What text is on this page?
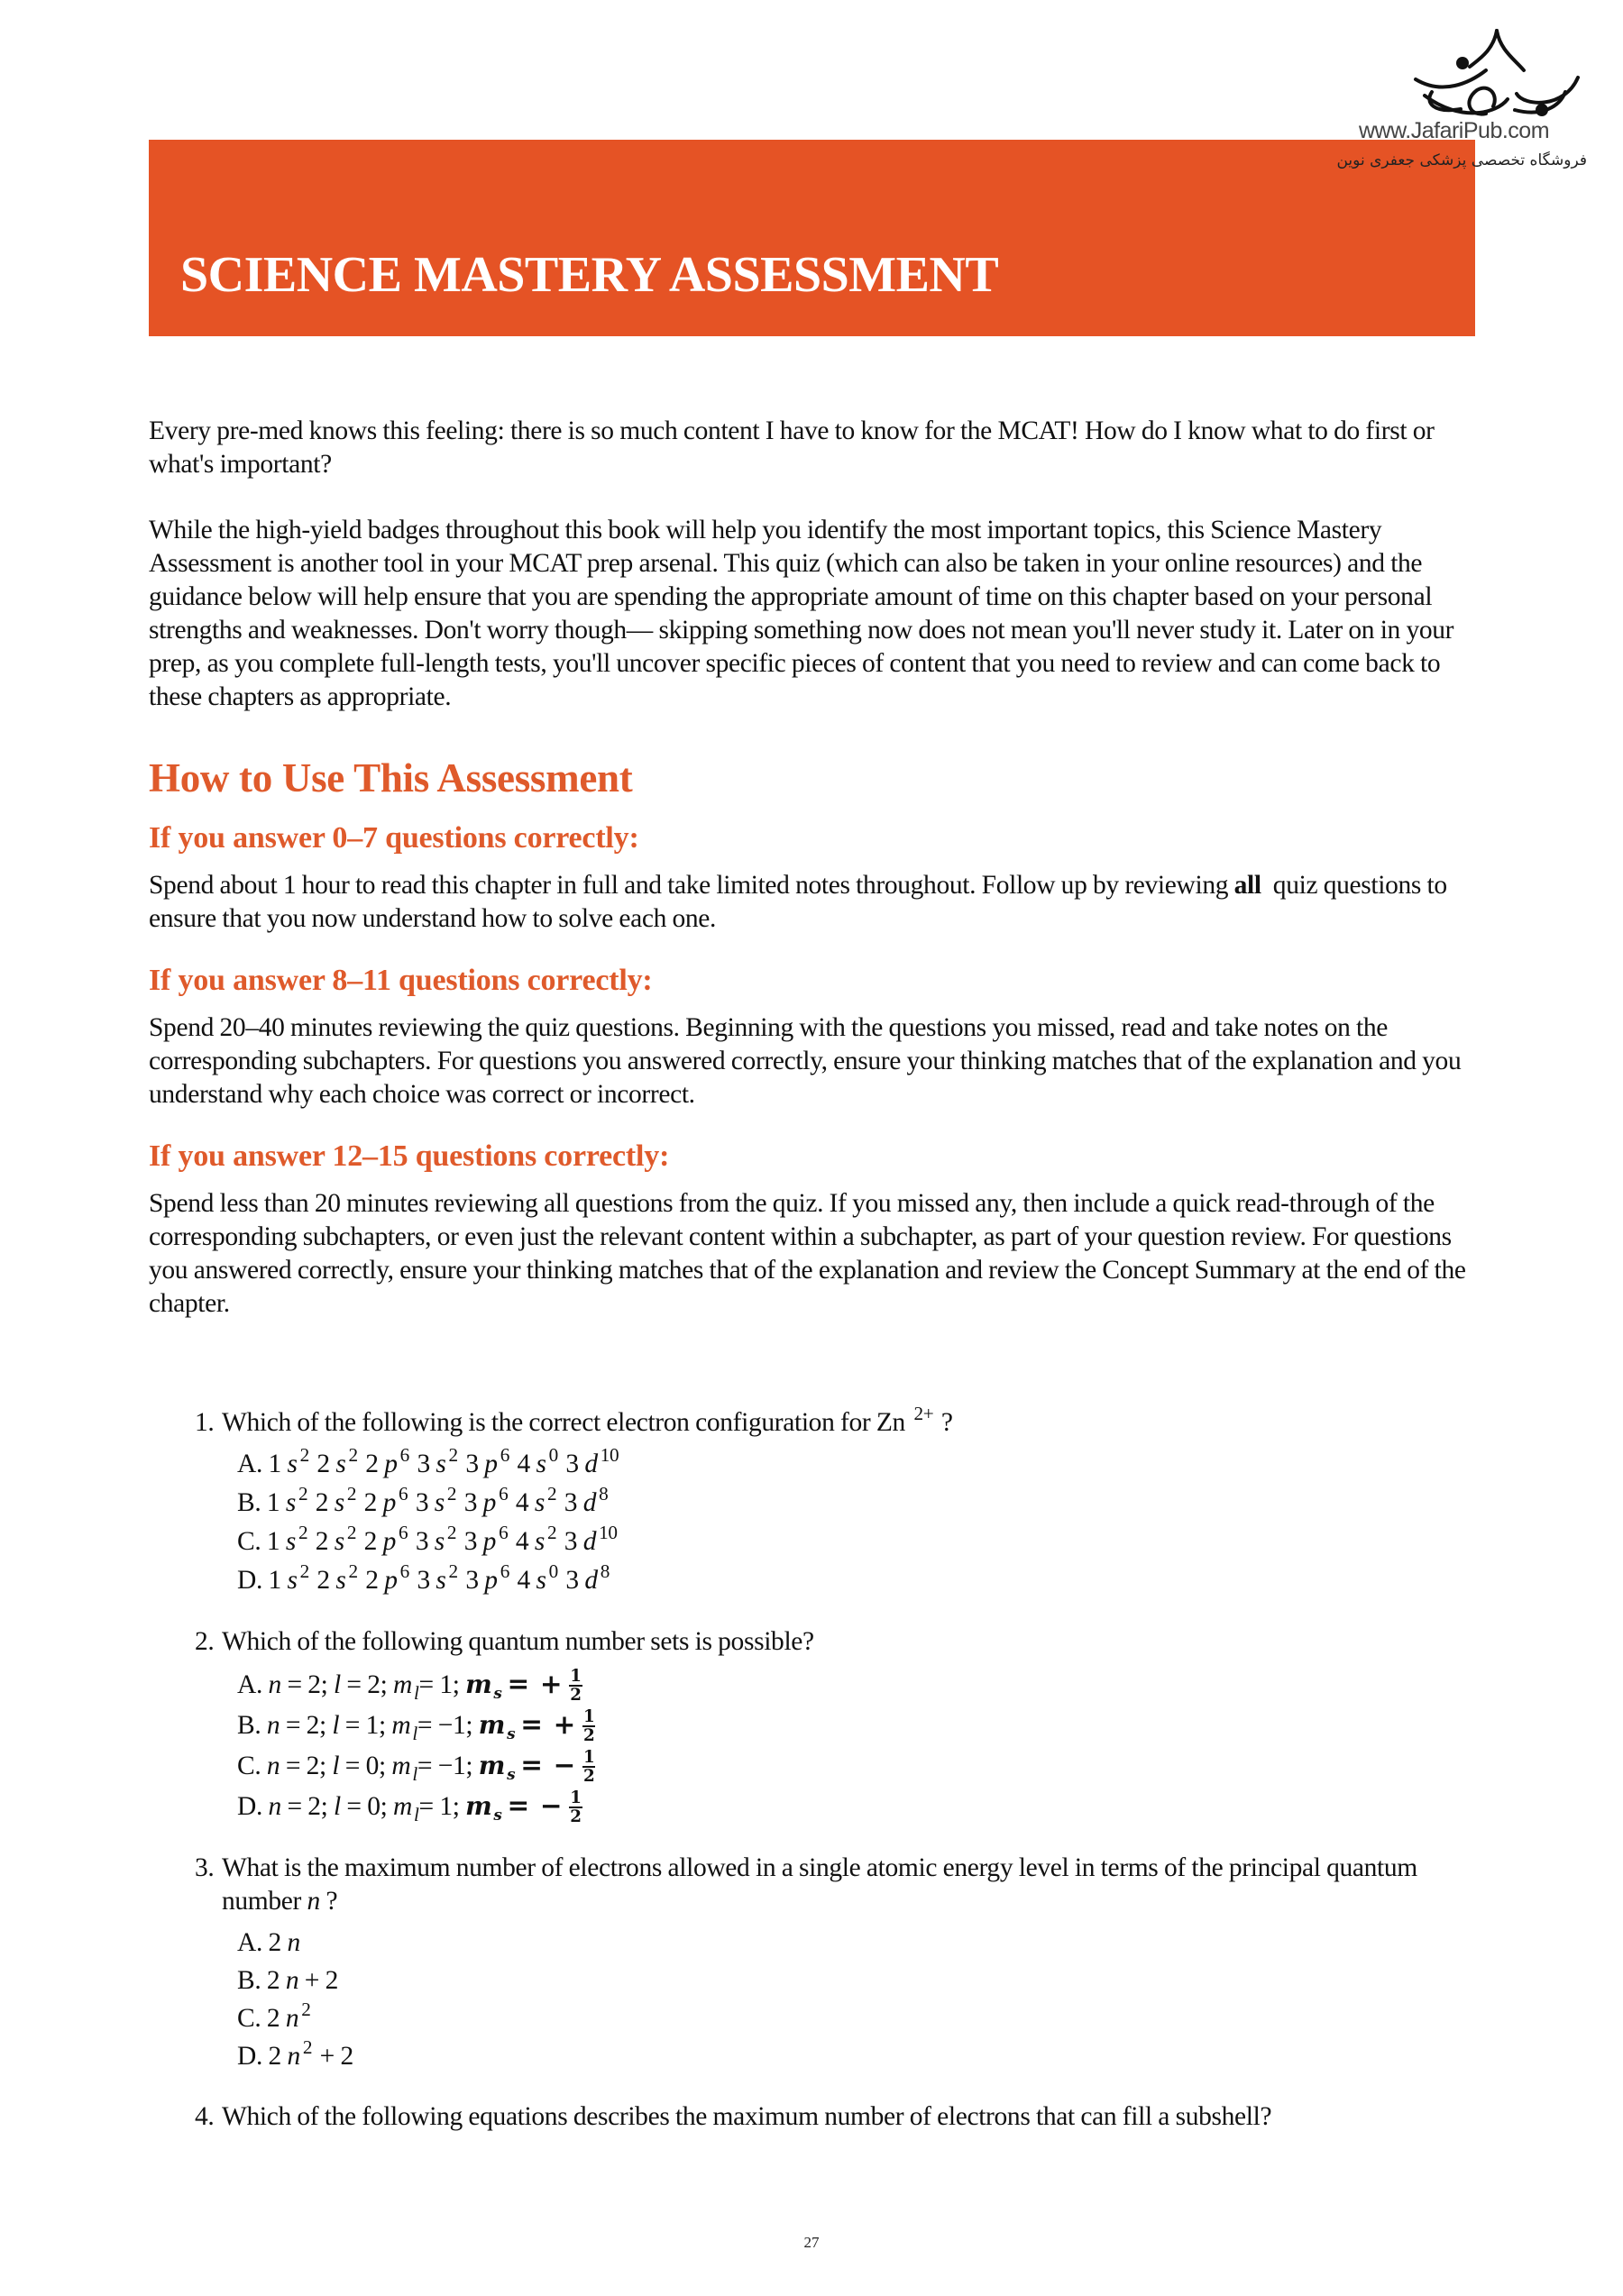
www.JafariPub.com
فروشگاه تخصصی پزشکی جعفری نوین
SCIENCE MASTERY ASSESSMENT

Every pre-med knows this feeling: there is so much content I have to know for the MCAT! How do I know what to do first or what's important?

While the high-yield badges throughout this book will help you identify the most important topics, this Science Mastery Assessment is another tool in your MCAT prep arsenal. This quiz (which can also be taken in your online resources) and the guidance below will help ensure that you are spending the appropriate amount of time on this chapter based on your personal strengths and weaknesses. Don't worry though— skipping something now does not mean you'll never study it. Later on in your prep, as you complete full-length tests, you'll uncover specific pieces of content that you need to review and can come back to these chapters as appropriate.

How to Use This Assessment
If you answer 0–7 questions correctly:

Spend about 1 hour to read this chapter in full and take limited notes throughout. Follow up by reviewing all  quiz questions to ensure that you now understand how to solve each one.

If you answer 8–11 questions correctly:

Spend 20–40 minutes reviewing the quiz questions. Beginning with the questions you missed, read and take notes on the corresponding subchapters. For questions you answered correctly, ensure your thinking matches that of the explanation and you understand why each choice was correct or incorrect.

If you answer 12–15 questions correctly:

Spend less than 20 minutes reviewing all questions from the quiz. If you missed any, then include a quick read-through of the corresponding subchapters, or even just the relevant content within a subchapter, as part of your question review. For questions you answered correctly, ensure your thinking matches that of the explanation and review the Concept Summary at the end of the chapter.

1. Which of the following is the correct electron configuration for Zn $^{2+}$ ?
A. 1 s $^2$ 2 s $^2$ 2 p $^6$ 3 s $^2$ 3 p $^6$ 4 s $^0$ 3 d $^{10}$
B. 1 s $^2$ 2 s $^2$ 2 p $^6$ 3 s $^2$ 3 p $^6$ 4 s $^2$ 3 d $^8$
C. 1 s $^2$ 2 s $^2$ 2 p $^6$ 3 s $^2$ 3 p $^6$ 4 s $^2$ 3 d $^{10}$
D. 1 s $^2$ 2 s $^2$ 2 p $^6$ 3 s $^2$ 3 p $^6$ 4 s $^0$ 3 d $^8$
2. Which of the following quantum number sets is possible?
A. n = 2; l = 2; $m_l= 1$; m $_s$ = + $\frac{1}{2}$
B. n = 2; l = 1; $m_l= -1$; m $_s$ = + $\frac{1}{2}$
C. n = 2; l = 0; $m_l= -1$; m $_s$ = − $\frac{1}{2}$
D. n = 2; l = 0; $m_l= 1$; m $_s$ = − $\frac{1}{2}$
3. What is the maximum number of electrons allowed in a single atomic energy level in terms of the principal quantum number n ?
A. 2 n
B. 2 n + 2
C. 2 n $^2$
D. 2 n $^2$ + 2
4. Which of the following equations describes the maximum number of electrons that can fill a subshell?
27
